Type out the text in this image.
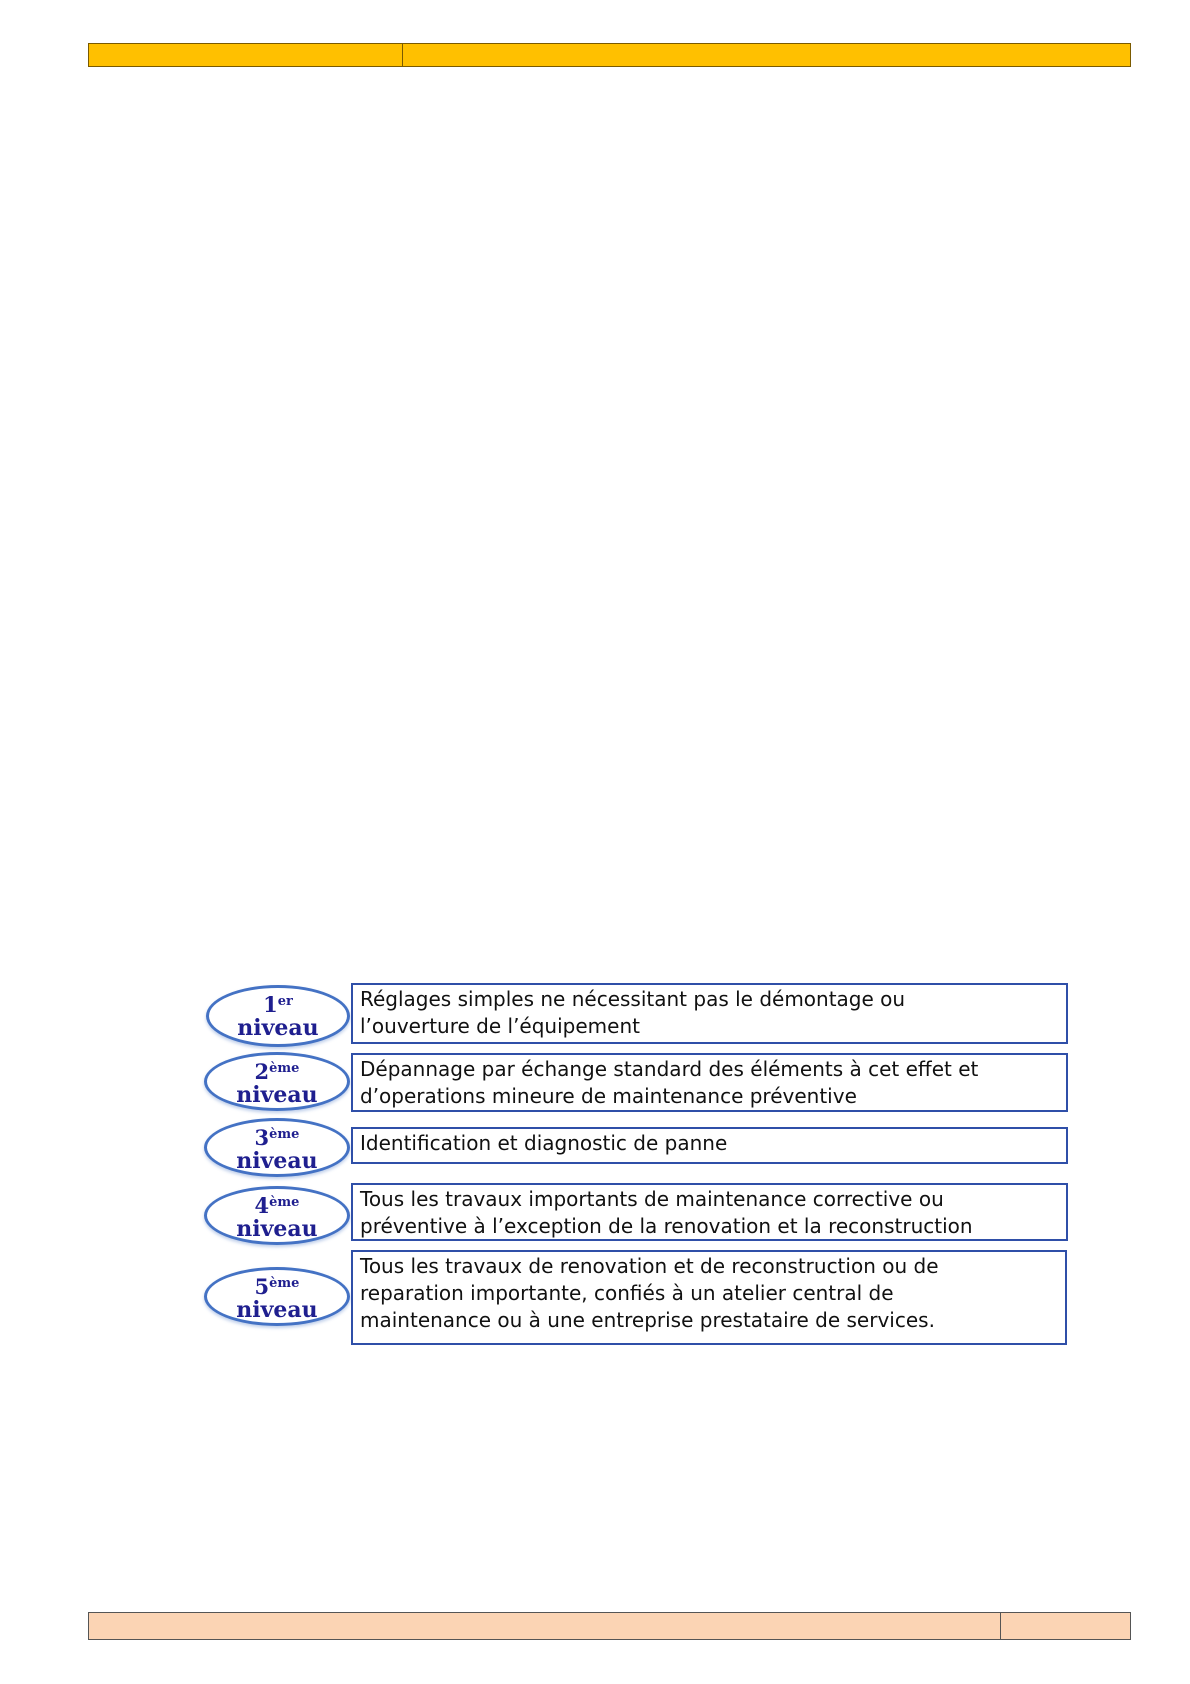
1er
niveau
Réglages simples ne nécessitant pas le démontage ou
l’ouverture de l’équipement
2ème
niveau
Dépannage par échange standard des éléments à cet effet et
d’operations mineure de maintenance préventive
3ème
niveau
Identification et diagnostic de panne
4ème
niveau
Tous les travaux importants de maintenance corrective ou
préventive à l’exception de la renovation et la reconstruction
5ème
niveau
Tous les travaux de renovation et de reconstruction ou de
reparation importante, confiés à un atelier central de
maintenance ou à une entreprise prestataire de services.
